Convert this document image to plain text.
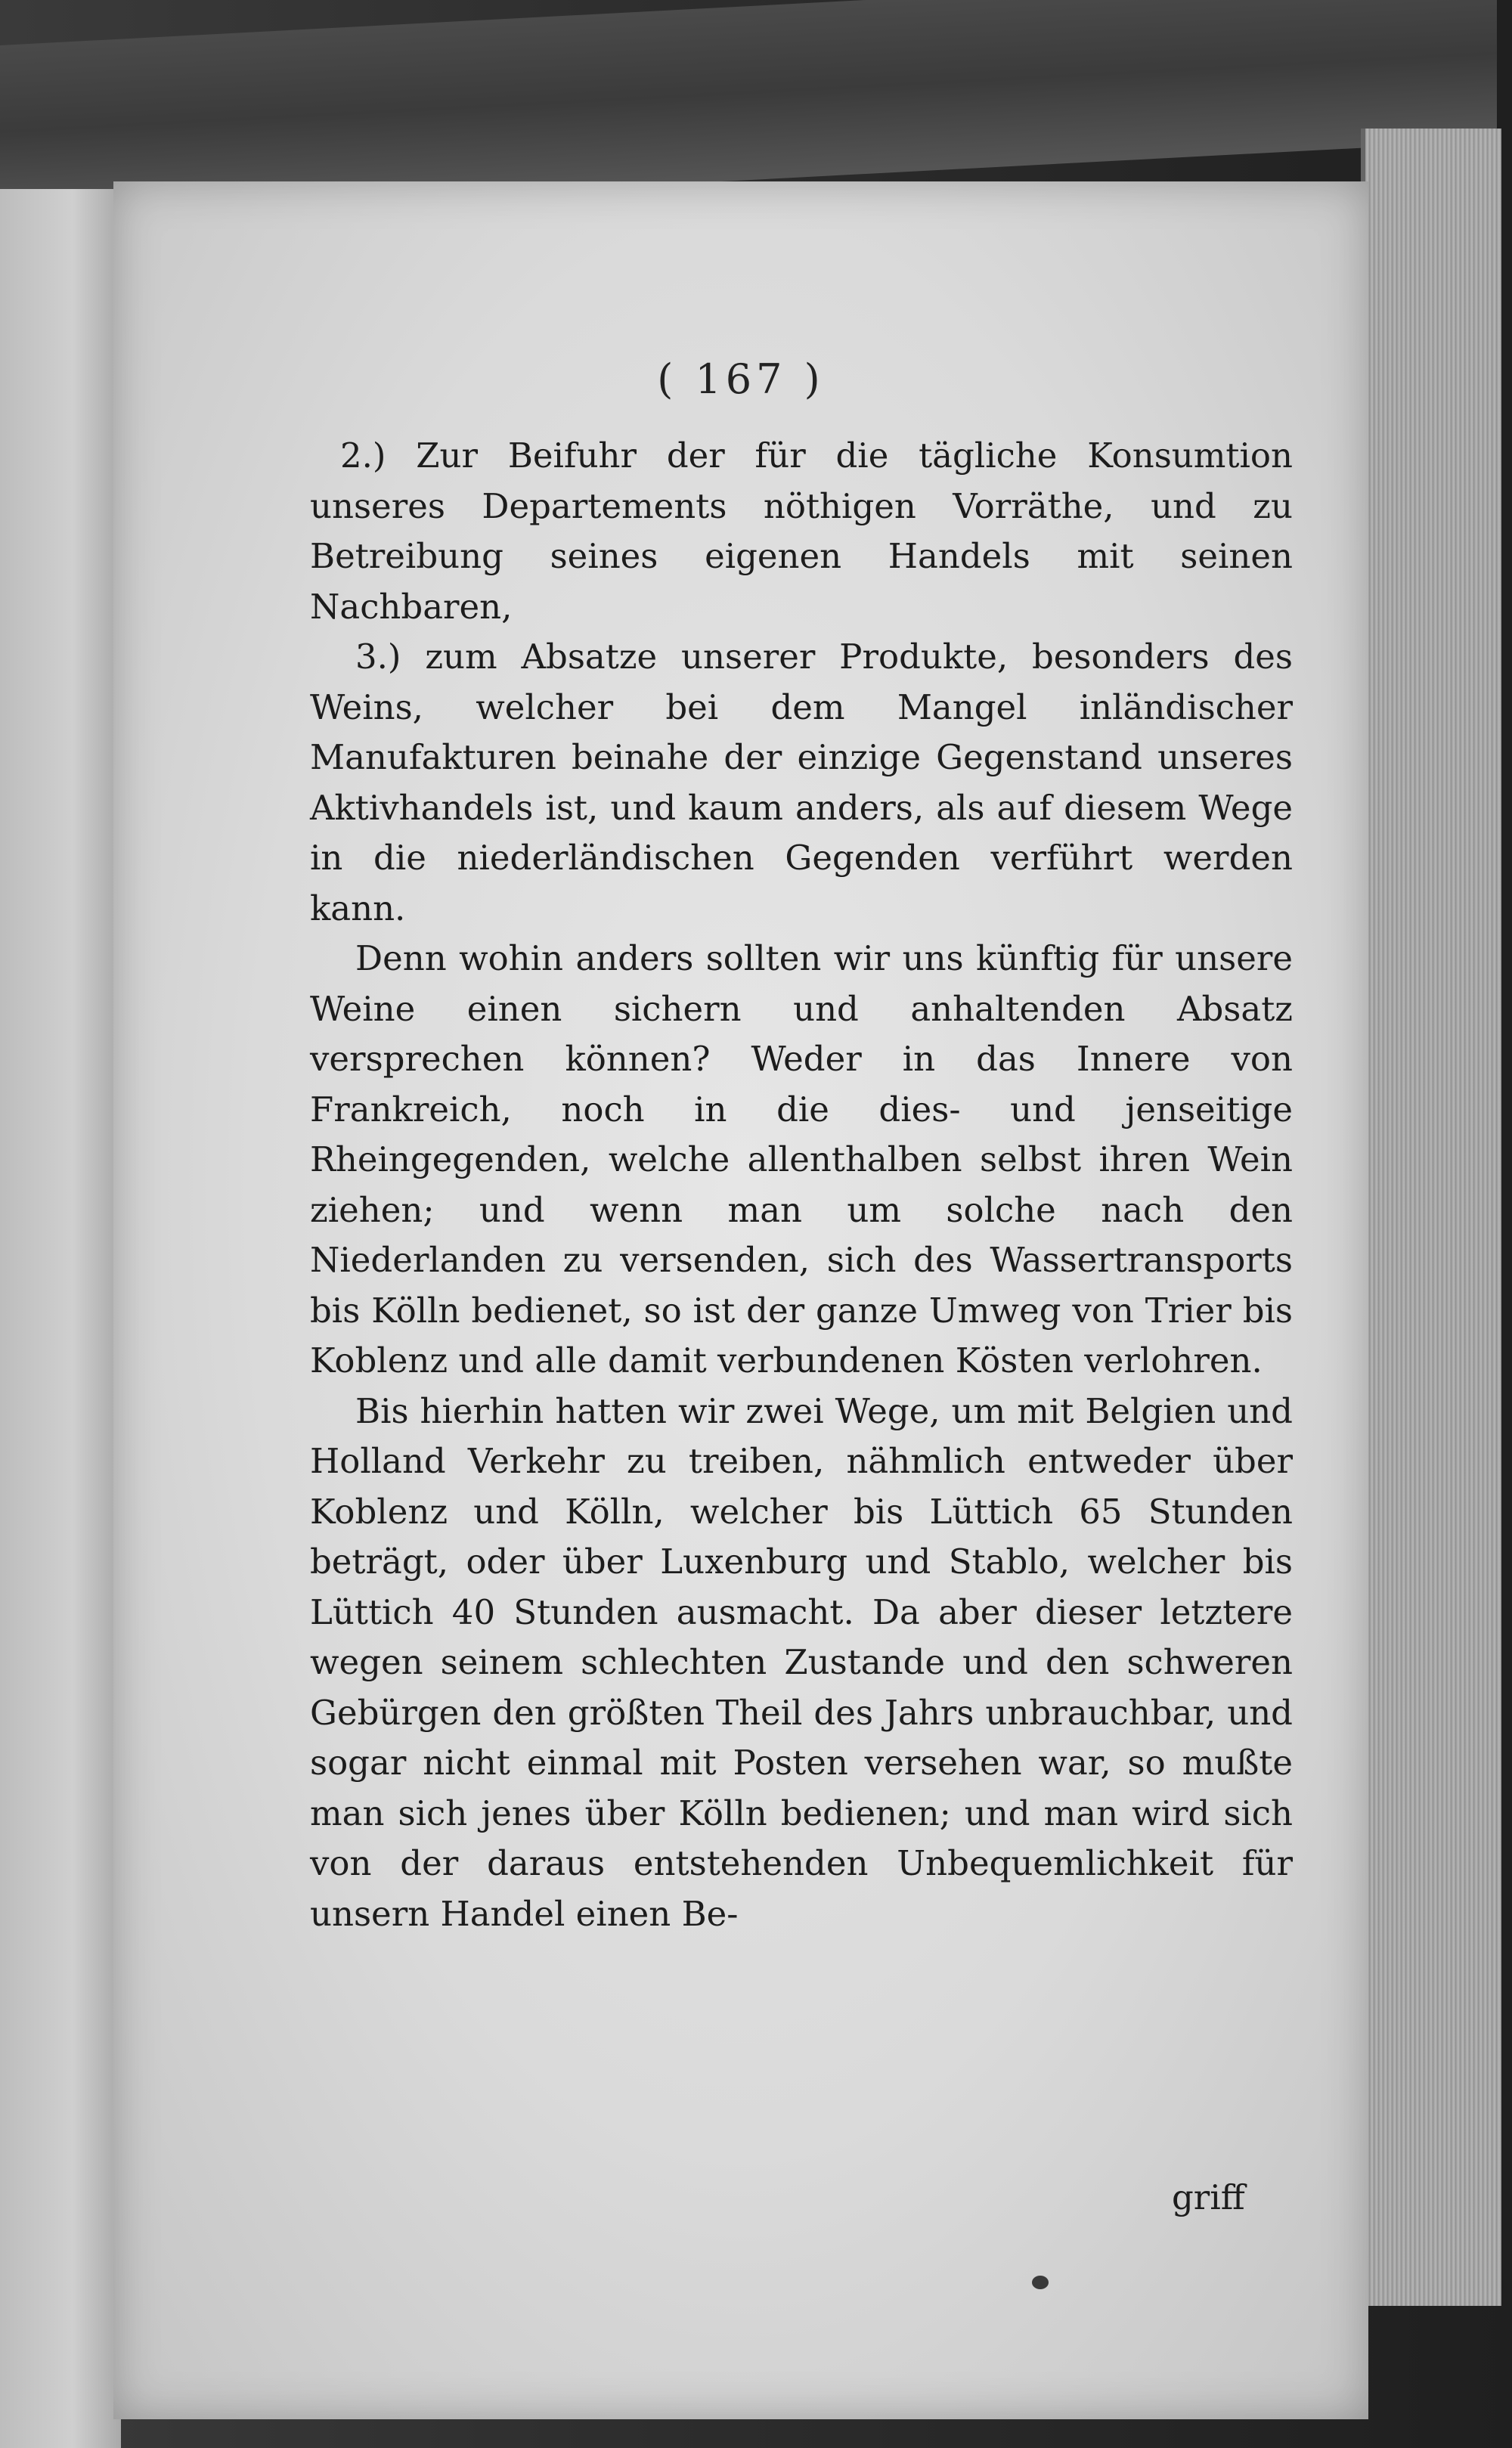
( 167 )

2.) Zur Beifuhr der für die tägliche Konsumtion unseres Departements nöthigen Vorräthe, und zu Betreibung seines eigenen Handels mit seinen Nachbaren,

3.) zum Absatze unserer Produkte, besonders des Weins, welcher bei dem Mangel inländischer Manufakturen beinahe der einzige Gegenstand unseres Aktivhandels ist, und kaum anders, als auf diesem Wege in die niederländischen Gegenden verführt werden kann.

Denn wohin anders sollten wir uns künftig für unsere Weine einen sichern und anhaltenden Absatz versprechen können? Weder in das Innere von Frankreich, noch in die dies- und jenseitige Rheingegenden, welche allenthalben selbst ihren Wein ziehen; und wenn man um solche nach den Niederlanden zu versenden, sich des Wassertransports bis Kölln bedienet, so ist der ganze Umweg von Trier bis Koblenz und alle damit verbundenen Kösten verlohren.

Bis hierhin hatten wir zwei Wege, um mit Belgien und Holland Verkehr zu treiben, nähmlich entweder über Koblenz und Kölln, welcher bis Lüttich 65 Stunden beträgt, oder über Luxenburg und Stablo, welcher bis Lüttich 40 Stunden ausmacht. Da aber dieser letztere wegen seinem schlechten Zustande und den schweren Gebürgen den größten Theil des Jahrs unbrauchbar, und sogar nicht einmal mit Posten versehen war, so mußte man sich jenes über Kölln bedienen; und man wird sich von der daraus entstehenden Unbequemlichkeit für unsern Handel einen Be-

griff
